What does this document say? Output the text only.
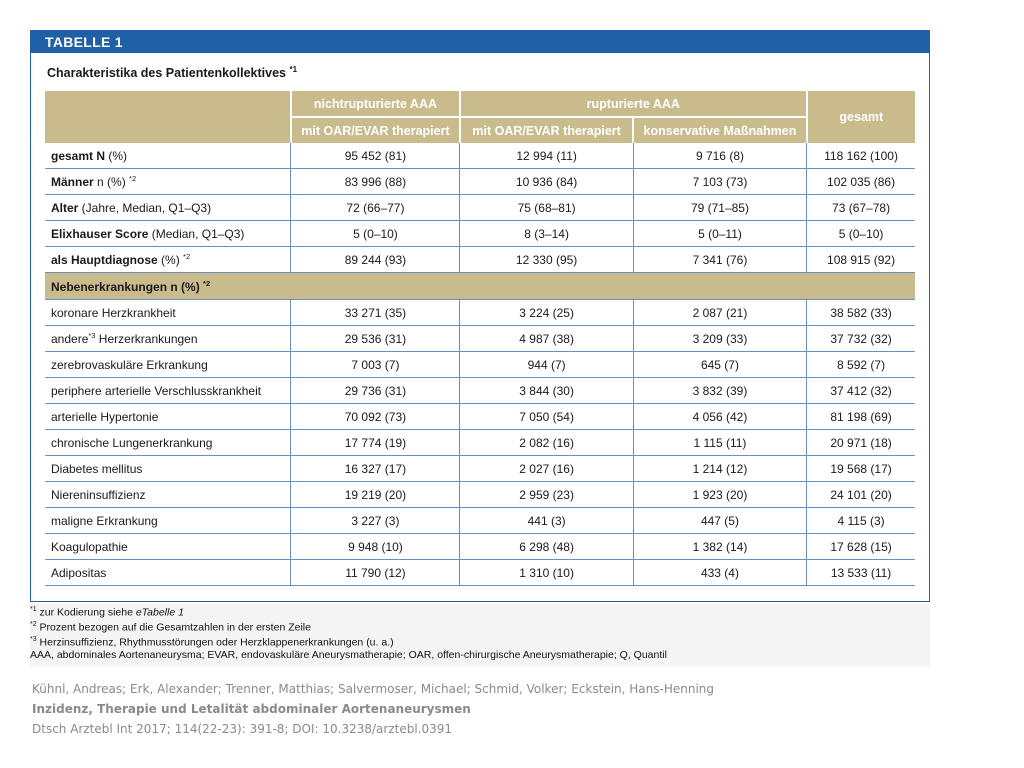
TABELLE 1
Charakteristika des Patientenkollektives $^{*1}$
	nichtrupturierte AAA	rupturierte AAA		gesamt
	mit OAR/EVAR therapiert	mit OAR/EVAR therapiert	konservative Maßnahmen	
gesamt N (%)	95 452 (81)	12 994 (11)	9 716 (8)	118 162 (100)
Männer n (%) $^{*2}$	83 996 (88)	10 936 (84)	7 103 (73)	102 035 (86)
Alter (Jahre, Median, Q1–Q3)	72 (66–77)	75 (68–81)	79 (71–85)	73 (67–78)
Elixhauser Score (Median, Q1–Q3)	5 (0–10)	8 (3–14)	5 (0–11)	5 (0–10)
als Hauptdiagnose (%) $^{*2}$	89 244 (93)	12 330 (95)	7 341 (76)	108 915 (92)
Nebenerkrankungen n (%) $^{*2}$
koronare Herzkrankheit	33 271 (35)	3 224 (25)	2 087 (21)	38 582 (33)
andere$^{*3}$ Herzerkrankungen	29 536 (31)	4 987 (38)	3 209 (33)	37 732 (32)
zerebrovaskuläre Erkrankung	7 003 (7)	944 (7)	645 (7)	8 592 (7)
periphere arterielle Verschlusskrankheit	29 736 (31)	3 844 (30)	3 832 (39)	37 412 (32)
arterielle Hypertonie	70 092 (73)	7 050 (54)	4 056 (42)	81 198 (69)
chronische Lungenerkrankung	17 774 (19)	2 082 (16)	1 115 (11)	20 971 (18)
Diabetes mellitus	16 327 (17)	2 027 (16)	1 214 (12)	19 568 (17)
Niereninsuffizienz	19 219 (20)	2 959 (23)	1 923 (20)	24 101 (20)
maligne Erkrankung	3 227 (3)	441 (3)	447 (5)	4 115 (3)
Koagulopathie	9 948 (10)	6 298 (48)	1 382 (14)	17 628 (15)
Adipositas	11 790 (12)	1 310 (10)	433 (4)	13 533 (11)
$^{*1}$ zur Kodierung siehe eTabelle 1
$^{*2}$ Prozent bezogen auf die Gesamtzahlen in der ersten Zeile
$^{*3}$ Herzinsuffizienz, Rhythmusstörungen oder Herzklappenerkrankungen (u. a.)
AAA, abdominales Aortenaneurysma; EVAR, endovaskuläre Aneurysmatherapie; OAR, offen-chirurgische Aneurysmatherapie; Q, Quantil
Kühnl, Andreas; Erk, Alexander; Trenner, Matthias; Salvermoser, Michael; Schmid, Volker; Eckstein, Hans-Henning
Inzidenz, Therapie und Letalität abdominaler Aortenaneurysmen
Dtsch Arztebl Int 2017; 114(22-23): 391-8; DOI: 10.3238/arztebl.0391
